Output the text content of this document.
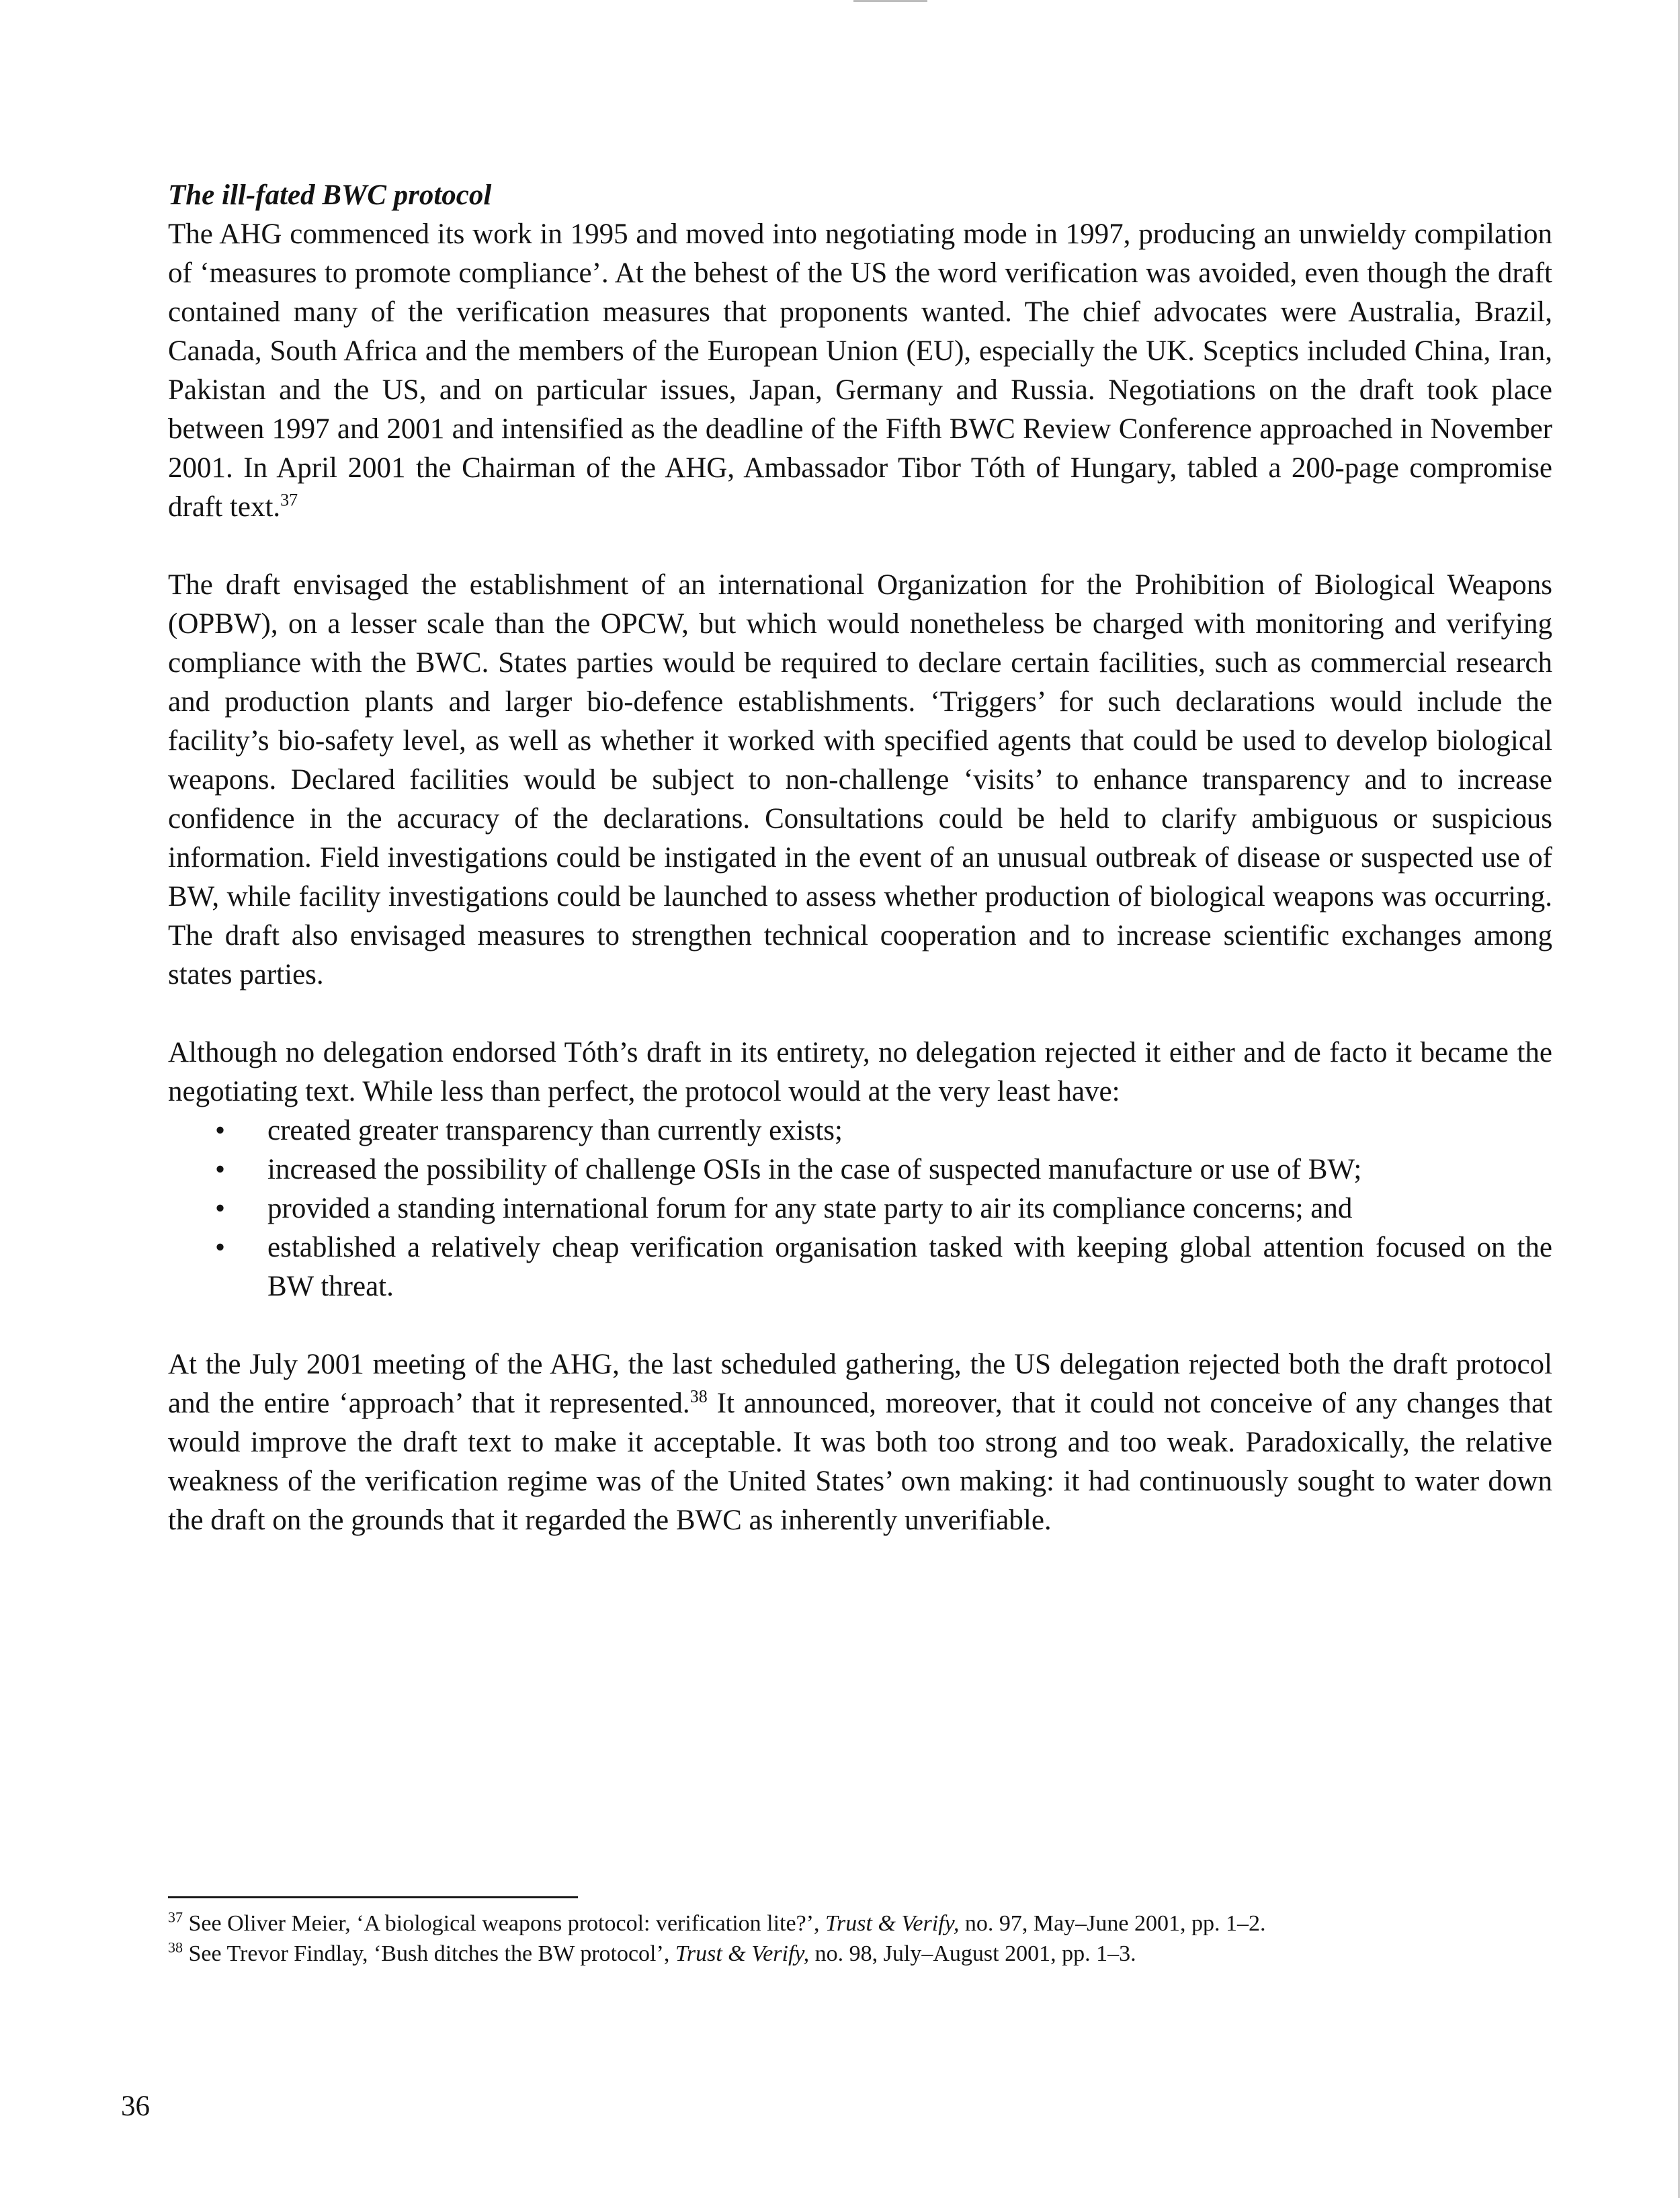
The ill-fated BWC protocol

The AHG commenced its work in 1995 and moved into negotiating mode in 1997, producing an unwieldy compilation of ‘measures to promote compliance’. At the behest of the US the word verification was avoided, even though the draft contained many of the verification measures that proponents wanted. The chief advocates were Australia, Brazil, Canada, South Africa and the members of the European Union (EU), especially the UK. Sceptics included China, Iran, Pakistan and the US, and on particular issues, Japan, Germany and Russia. Negotiations on the draft took place between 1997 and 2001 and intensified as the deadline of the Fifth BWC Review Conference approached in November 2001. In April 2001 the Chairman of the AHG, Ambassador Tibor Tóth of Hungary, tabled a 200-page compromise draft text.$^{37}$

The draft envisaged the establishment of an international Organization for the Prohibition of Biological Weapons (OPBW), on a lesser scale than the OPCW, but which would nonetheless be charged with monitoring and verifying compliance with the BWC. States parties would be required to declare certain facilities, such as commercial research and production plants and larger bio-defence establishments. ‘Triggers’ for such declarations would include the facility’s bio-safety level, as well as whether it worked with specified agents that could be used to develop biological weapons. Declared facilities would be subject to non-challenge ‘visits’ to enhance transparency and to increase confidence in the accuracy of the declarations. Consultations could be held to clarify ambiguous or suspicious information. Field investigations could be instigated in the event of an unusual outbreak of disease or suspected use of BW, while facility investigations could be launched to assess whether production of biological weapons was occurring. The draft also envisaged measures to strengthen technical cooperation and to increase scientific exchanges among states parties.

Although no delegation endorsed Tóth’s draft in its entirety, no delegation rejected it either and de facto it became the negotiating text. While less than perfect, the protocol would at the very least have:

• created greater transparency than currently exists;
• increased the possibility of challenge OSIs in the case of suspected manufacture or use of BW;
• provided a standing international forum for any state party to air its compliance concerns; and
• established a relatively cheap verification organisation tasked with keeping global attention focused on the BW threat.

At the July 2001 meeting of the AHG, the last scheduled gathering, the US delegation rejected both the draft protocol and the entire ‘approach’ that it represented.$^{38}$ It announced, moreover, that it could not conceive of any changes that would improve the draft text to make it acceptable. It was both too strong and too weak. Paradoxically, the relative weakness of the verification regime was of the United States’ own making: it had continuously sought to water down the draft on the grounds that it regarded the BWC as inherently unverifiable.

$^{37}$ See Oliver Meier, ‘A biological weapons protocol: verification lite?’, Trust & Verify, no. 97, May–June 2001, pp. 1–2.

$^{38}$ See Trevor Findlay, ‘Bush ditches the BW protocol’, Trust & Verify, no. 98, July–August 2001, pp. 1–3.

36
